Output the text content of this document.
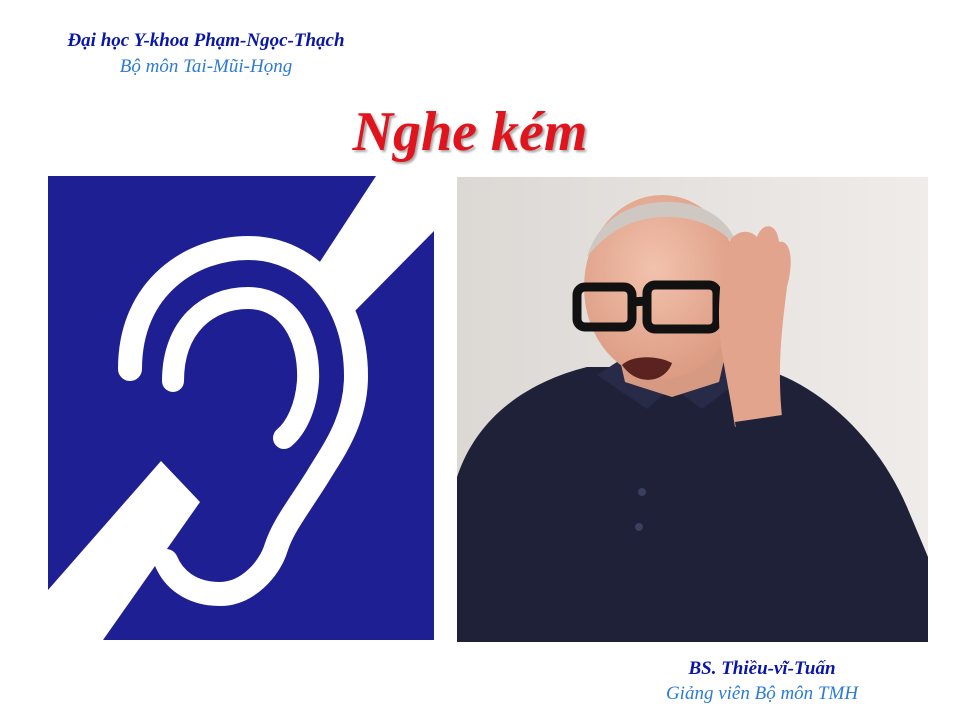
Đại học Y-khoa Phạm-Ngọc-Thạch
Bộ môn Tai-Mũi-Họng
Nghe kém
BS. Thiều-vĩ-Tuấn
Giảng viên Bộ môn TMH
